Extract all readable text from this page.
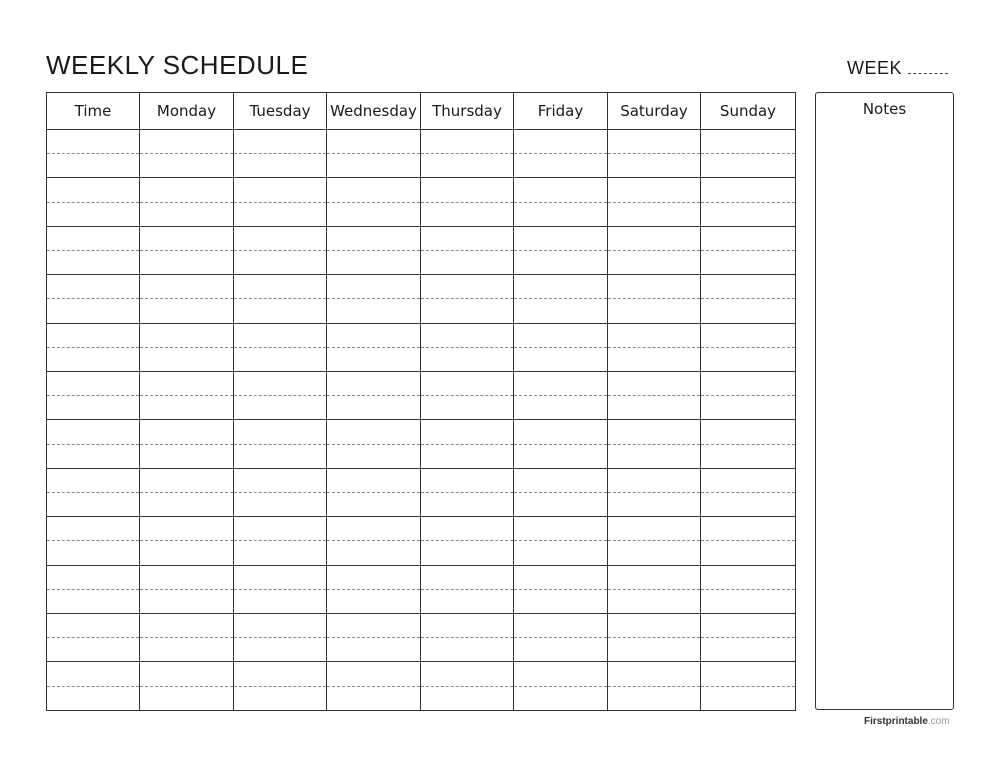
WEEKLY SCHEDULE	WEEK
Time	Monday	Tuesday	Wednesday	Thursday	Friday	Saturday	Sunday

								Notes
Firstprintable.com
